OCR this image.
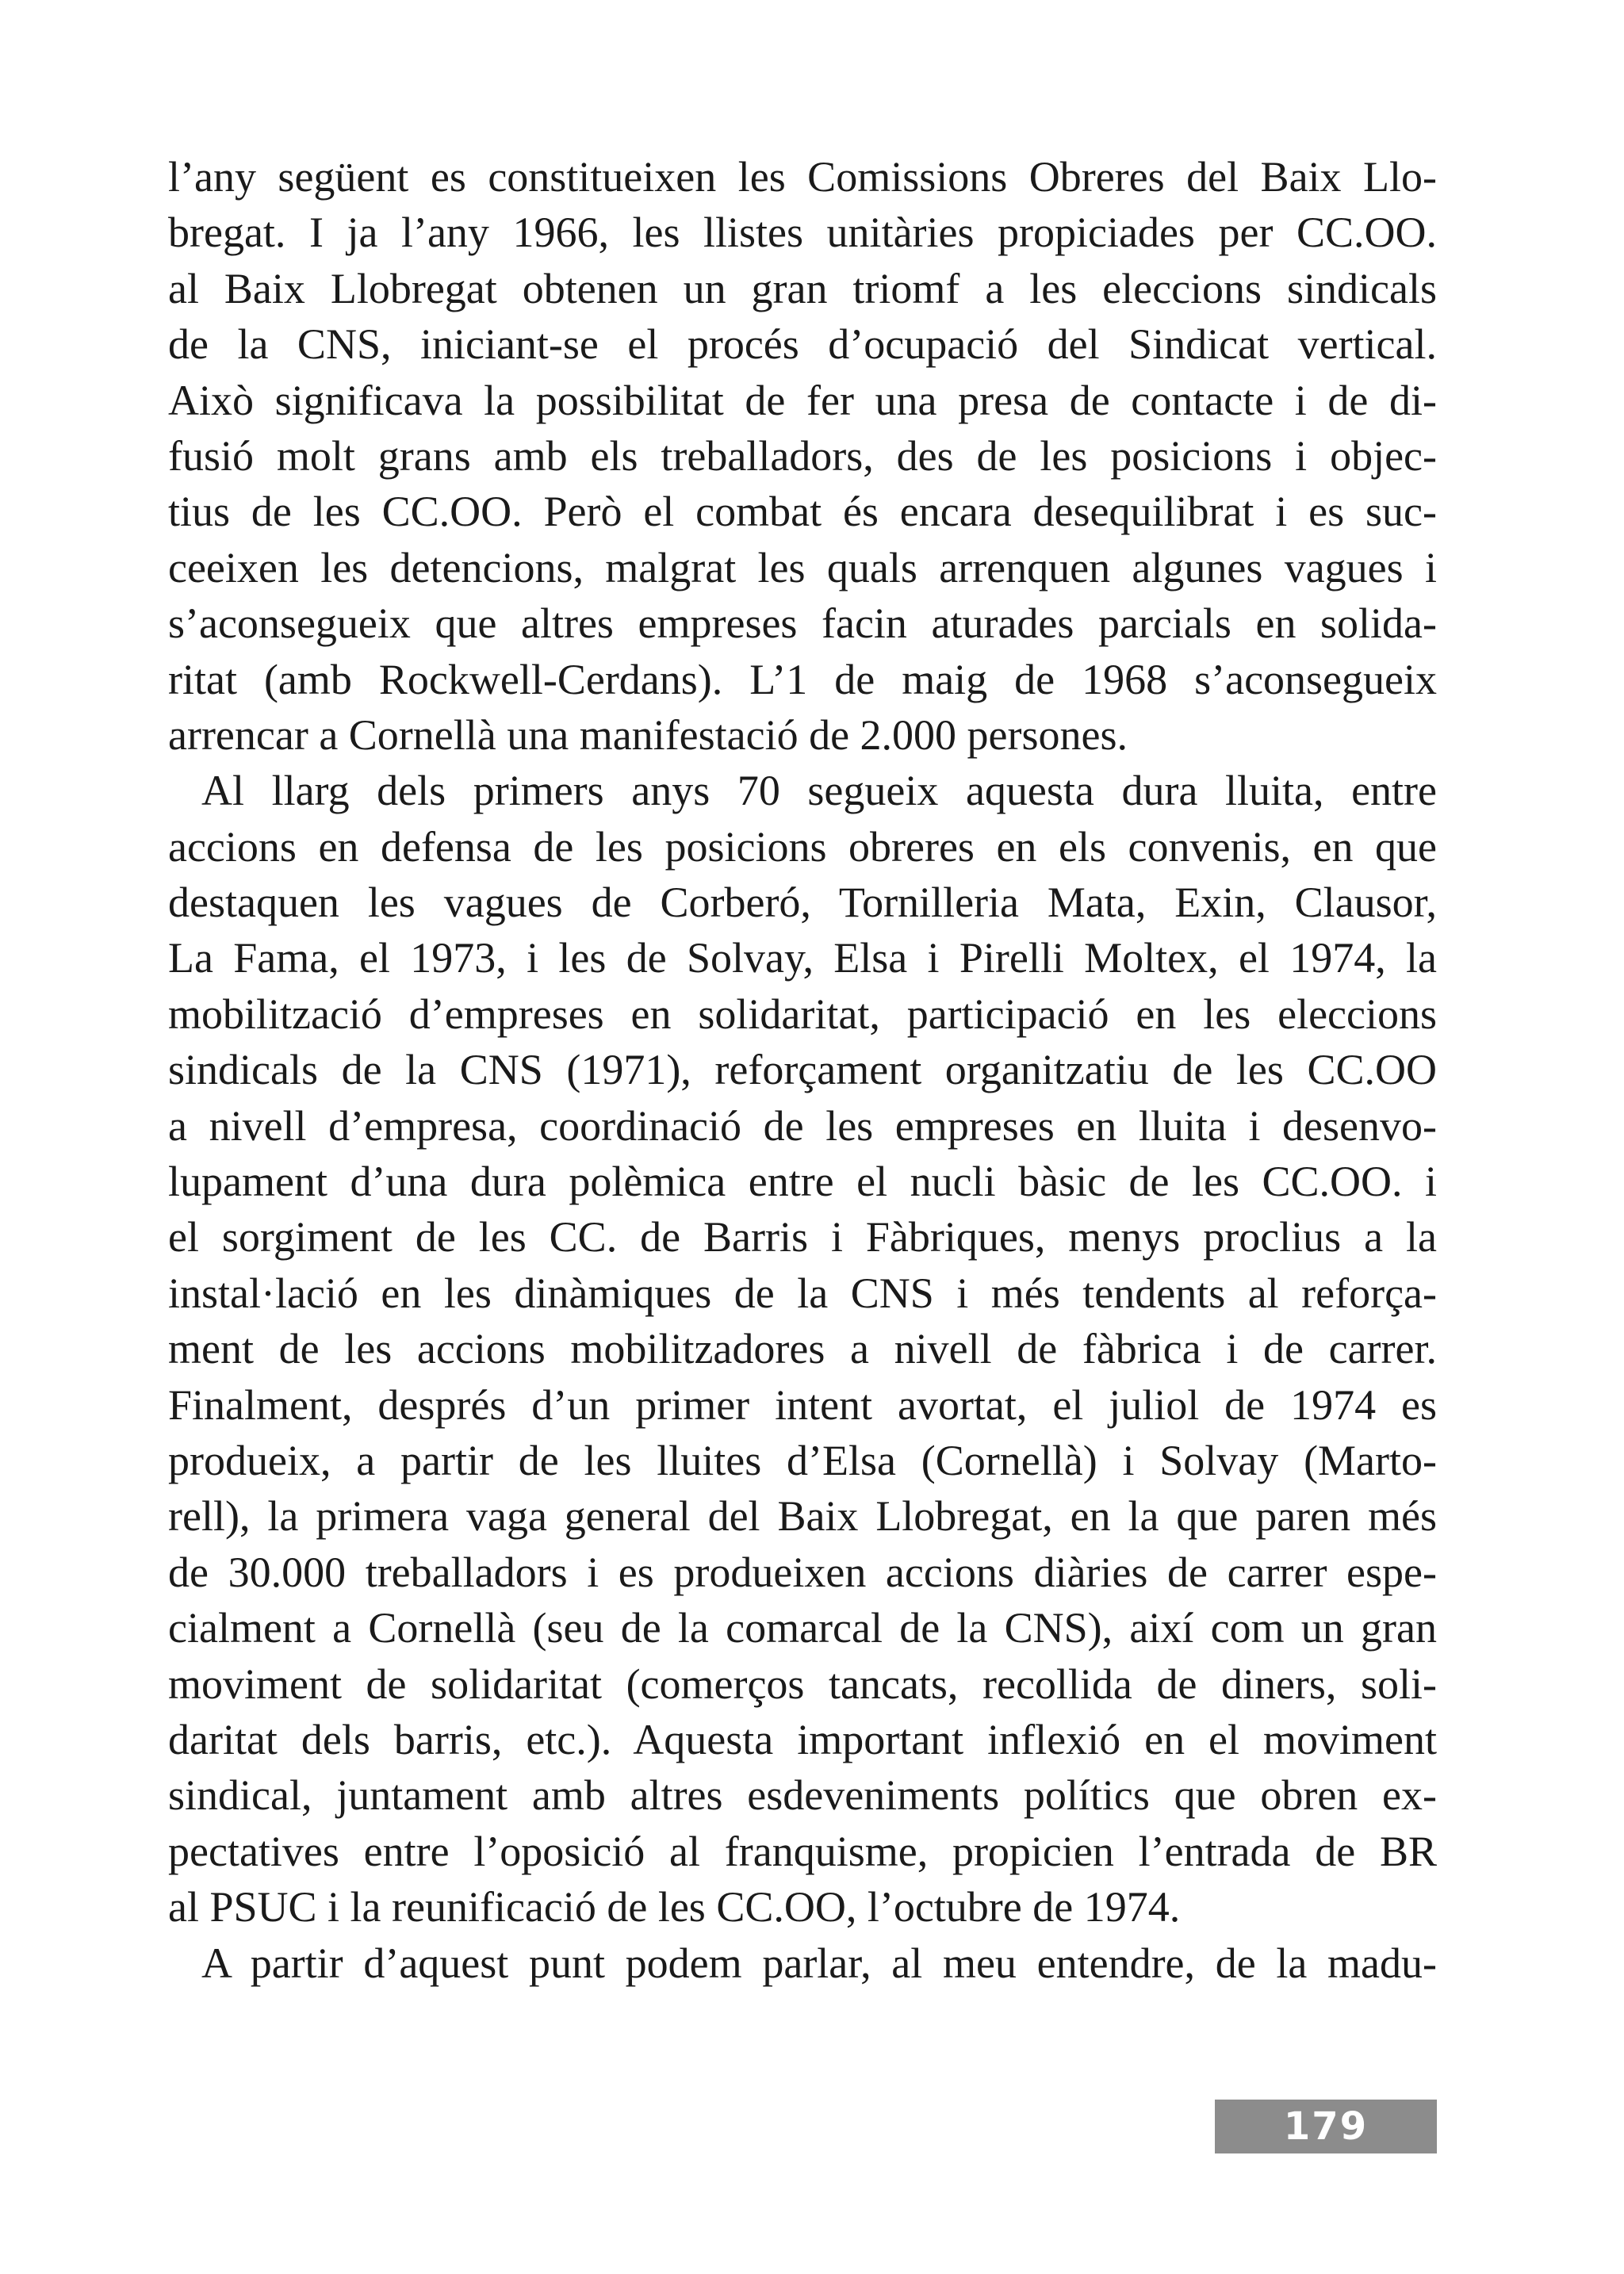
l’any següent es constitueixen les Comissions Obreres del Baix Llo-
bregat. I ja l’any 1966, les llistes unitàries propiciades per CC.OO.
al Baix Llobregat obtenen un gran triomf a les eleccions sindicals
de la CNS, iniciant-se el procés d’ocupació del Sindicat vertical.
Això significava la possibilitat de fer una presa de contacte i de di-
fusió molt grans amb els treballadors, des de les posicions i objec-
tius de les CC.OO. Però el combat és encara desequilibrat i es suc-
ceeixen les detencions, malgrat les quals arrenquen algunes vagues i
s’aconsegueix que altres empreses facin aturades parcials en solida-
ritat (amb Rockwell-Cerdans). L’1 de maig de 1968 s’aconsegueix
arrencar a Cornellà una manifestació de 2.000 persones.
Al llarg dels primers anys 70 segueix aquesta dura lluita, entre
accions en defensa de les posicions obreres en els convenis, en que
destaquen les vagues de Corberó, Tornilleria Mata, Exin, Clausor,
La Fama, el 1973, i les de Solvay, Elsa i Pirelli Moltex, el 1974, la
mobilització d’empreses en solidaritat, participació en les eleccions
sindicals de la CNS (1971), reforçament organitzatiu de les CC.OO
a nivell d’empresa, coordinació de les empreses en lluita i desenvo-
lupament d’una dura polèmica entre el nucli bàsic de les CC.OO. i
el sorgiment de les CC. de Barris i Fàbriques, menys proclius a la
instal·lació en les dinàmiques de la CNS i més tendents al reforça-
ment de les accions mobilitzadores a nivell de fàbrica i de carrer.
Finalment, després d’un primer intent avortat, el juliol de 1974 es
produeix, a partir de les lluites d’Elsa (Cornellà) i Solvay (Marto-
rell), la primera vaga general del Baix Llobregat, en la que paren més
de 30.000 treballadors i es produeixen accions diàries de carrer espe-
cialment a Cornellà (seu de la comarcal de la CNS), així com un gran
moviment de solidaritat (comerços tancats, recollida de diners, soli-
daritat dels barris, etc.). Aquesta important inflexió en el moviment
sindical, juntament amb altres esdeveniments polítics que obren ex-
pectatives entre l’oposició al franquisme, propicien l’entrada de BR
al PSUC i la reunificació de les CC.OO, l’octubre de 1974.
A partir d’aquest punt podem parlar, al meu entendre, de la madu-
179
